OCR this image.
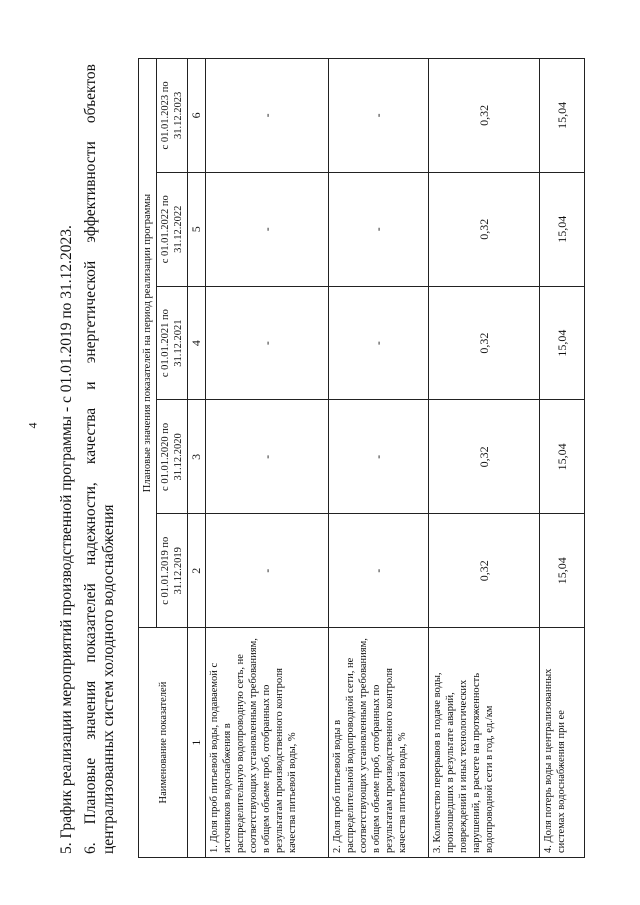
4 5. График реализации мероприятий производственной программы - с 01.01.2019 по 31.12.2023. 6.Плановые значения показателей надежности, качества и энергетической эффективности объектов централизованных систем холодного водоснабжения	Наименование показателей	Плановые значения показателей на период реализации программы				
	с 01.01.2019 по 31.12.2019	с 01.01.2020 по 31.12.2020	с 01.01.2021 по 31.12.2021	с 01.01.2022 по 31.12.2022	с 01.01.2023 по 31.12.2023
1	2	3	4	5	6
1. Доля проб питьевой воды, подаваемой с источников водоснабжения в распределительную водопроводную сеть, не соответствующих установленным требованиям, в общем объеме проб, отобранных по результатам производственного контроля качества питьевой воды, %	-	-	-	-	-
2. Доля проб питьевой воды в распределительной водопроводной сети, не соответствующих установленным требованиям, в общем объеме проб, отобранных по результатам производственного контроля качества питьевой воды, %	-	-	-	-	-
3. Количество перерывов в подаче воды, произошедших в результате аварий, повреждений и иных технологических нарушений, в расчете на протяженность водопроводной сети в год, ед./км	0,32	0,32	0,32	0,32	0,32
4. Доля потерь воды в централизованных системах водоснабжения при ее	15,04	15,04	15,04	15,04	15,04
